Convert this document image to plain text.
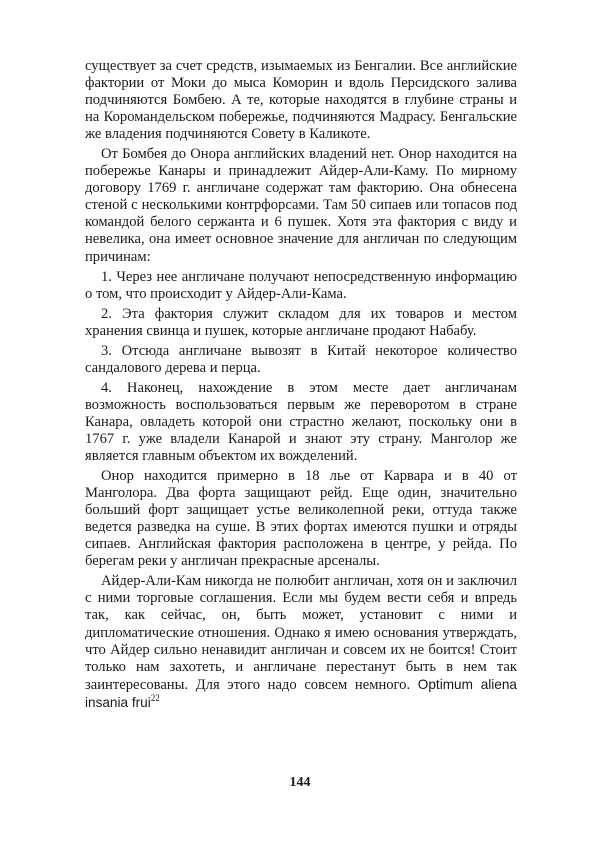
существует за счет средств, изымаемых из Бенгалии. Все английские фактории от Моки до мыса Коморин и вдоль Персидского залива подчиняются Бомбею. А те, которые находятся в глубине страны и на Коромандельском побережье, подчиняются Мадрасу. Бенгальские же владения подчиняются Совету в Каликоте.

От Бомбея до Онора английских владений нет. Онор находится на побережье Канары и принадлежит Айдер-Али-Каму. По мирному договору 1769 г. англичане содержат там факторию. Она обнесена стеной с несколькими контрфорсами. Там 50 сипаев или топасов под командой белого сержанта и 6 пушек. Хотя эта фактория с виду и невелика, она имеет основное значение для англичан по следующим причинам:

1. Через нее англичане получают непосредственную информацию о том, что происходит у Айдер-Али-Кама.

2. Эта фактория служит складом для их товаров и местом хранения свинца и пушек, которые англичане продают Набабу.

3. Отсюда англичане вывозят в Китай некоторое количество сандалового дерева и перца.

4. Наконец, нахождение в этом месте дает англичанам возможность воспользоваться первым же переворотом в стране Канара, овладеть которой они страстно желают, поскольку они в 1767 г. уже владели Канарой и знают эту страну. Манголор же является главным объектом их вожделений.

Онор находится примерно в 18 лье от Карвара и в 40 от Манголора. Два форта защищают рейд. Еще один, значительно больший форт защищает устье великолепной реки, оттуда также ведется разведка на суше. В этих фортах имеются пушки и отряды сипаев. Английская фактория расположена в центре, у рейда. По берегам реки у англичан прекрасные арсеналы.

Айдер-Али-Кам никогда не полюбит англичан, хотя он и заключил с ними торговые соглашения. Если мы будем вести себя и впредь так, как сейчас, он, быть может, установит с ними и дипломатические отношения. Однако я имею основания утверждать, что Айдер сильно ненавидит англичан и совсем их не боится! Стоит только нам захотеть, и англичане перестанут быть в нем так заинтересованы. Для этого надо совсем немного. Optimum aliena insania frui$^{22}$

144
